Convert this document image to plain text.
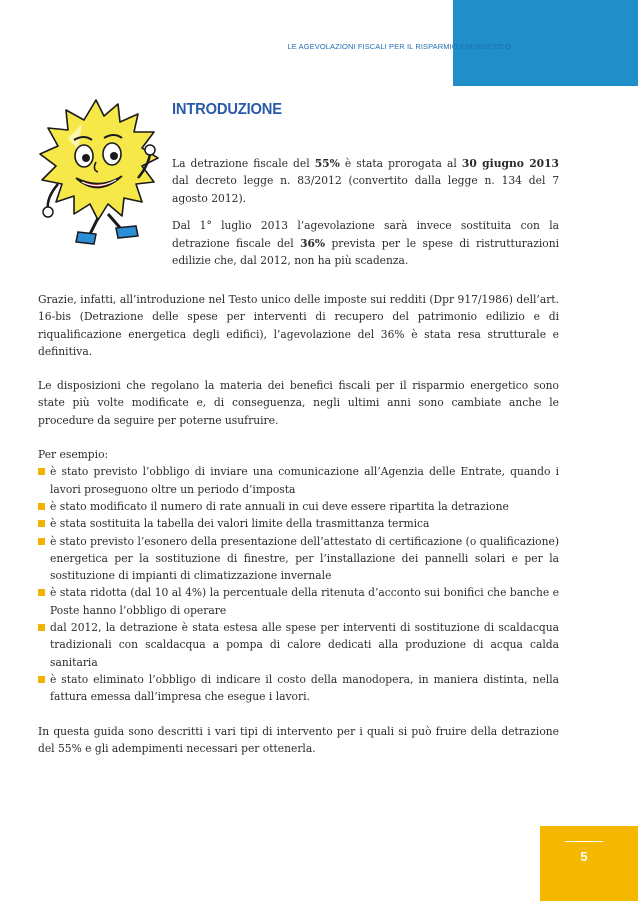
LE AGEVOLAZIONI FISCALI PER IL RISPARMIO ENERGETICO
INTRODUZIONE

La detrazione fiscale del 55% è stata prorogata al 30 giugno 2013 dal decreto legge n. 83/2012 (convertito dalla legge n. 134 del 7 agosto 2012).

Dal 1° luglio 2013 l’agevolazione sarà invece sostituita con la detrazione fiscale del 36% prevista per le spese di ristrutturazioni edilizie che, dal 2012, non ha più scadenza.

Grazie, infatti, all’introduzione nel Testo unico delle imposte sui redditi (Dpr 917/1986) dell’art. 16-bis (Detrazione delle spese per interventi di recupero del patrimonio edilizio e di riqualificazione energetica degli edifici), l’agevolazione del 36% è stata resa strutturale e definitiva.

Le disposizioni che regolano la materia dei benefici fiscali per il risparmio energetico sono state più volte modificate e, di conseguenza, negli ultimi anni sono cambiate anche le procedure da seguire per poterne usufruire.

Per esempio:

è stato previsto l’obbligo di inviare una comunicazione all’Agenzia delle Entrate, quando i lavori proseguono oltre un periodo d’imposta
è stato modificato il numero di rate annuali in cui deve essere ripartita la detrazione
è stata sostituita la tabella dei valori limite della trasmittanza termica
è stato previsto l’esonero della presentazione dell’attestato di certificazione (o qualificazione) energetica per la sostituzione di finestre, per l’installazione dei pannelli solari e per la sostituzione di impianti di climatizzazione invernale
è stata ridotta (dal 10 al 4%) la percentuale della ritenuta d’acconto sui bonifici che banche e Poste hanno l’obbligo di operare
dal 2012, la detrazione è stata estesa alle spese per interventi di sostituzione di scaldacqua tradizionali con scaldacqua a pompa di calore dedicati alla produzione di acqua calda sanitaria
è stato eliminato l’obbligo di indicare il costo della manodopera, in maniera distinta, nella fattura emessa dall’impresa che esegue i lavori.

In questa guida sono descritti i vari tipi di intervento per i quali si può fruire della detrazione del 55% e gli adempimenti necessari per ottenerla.

5
